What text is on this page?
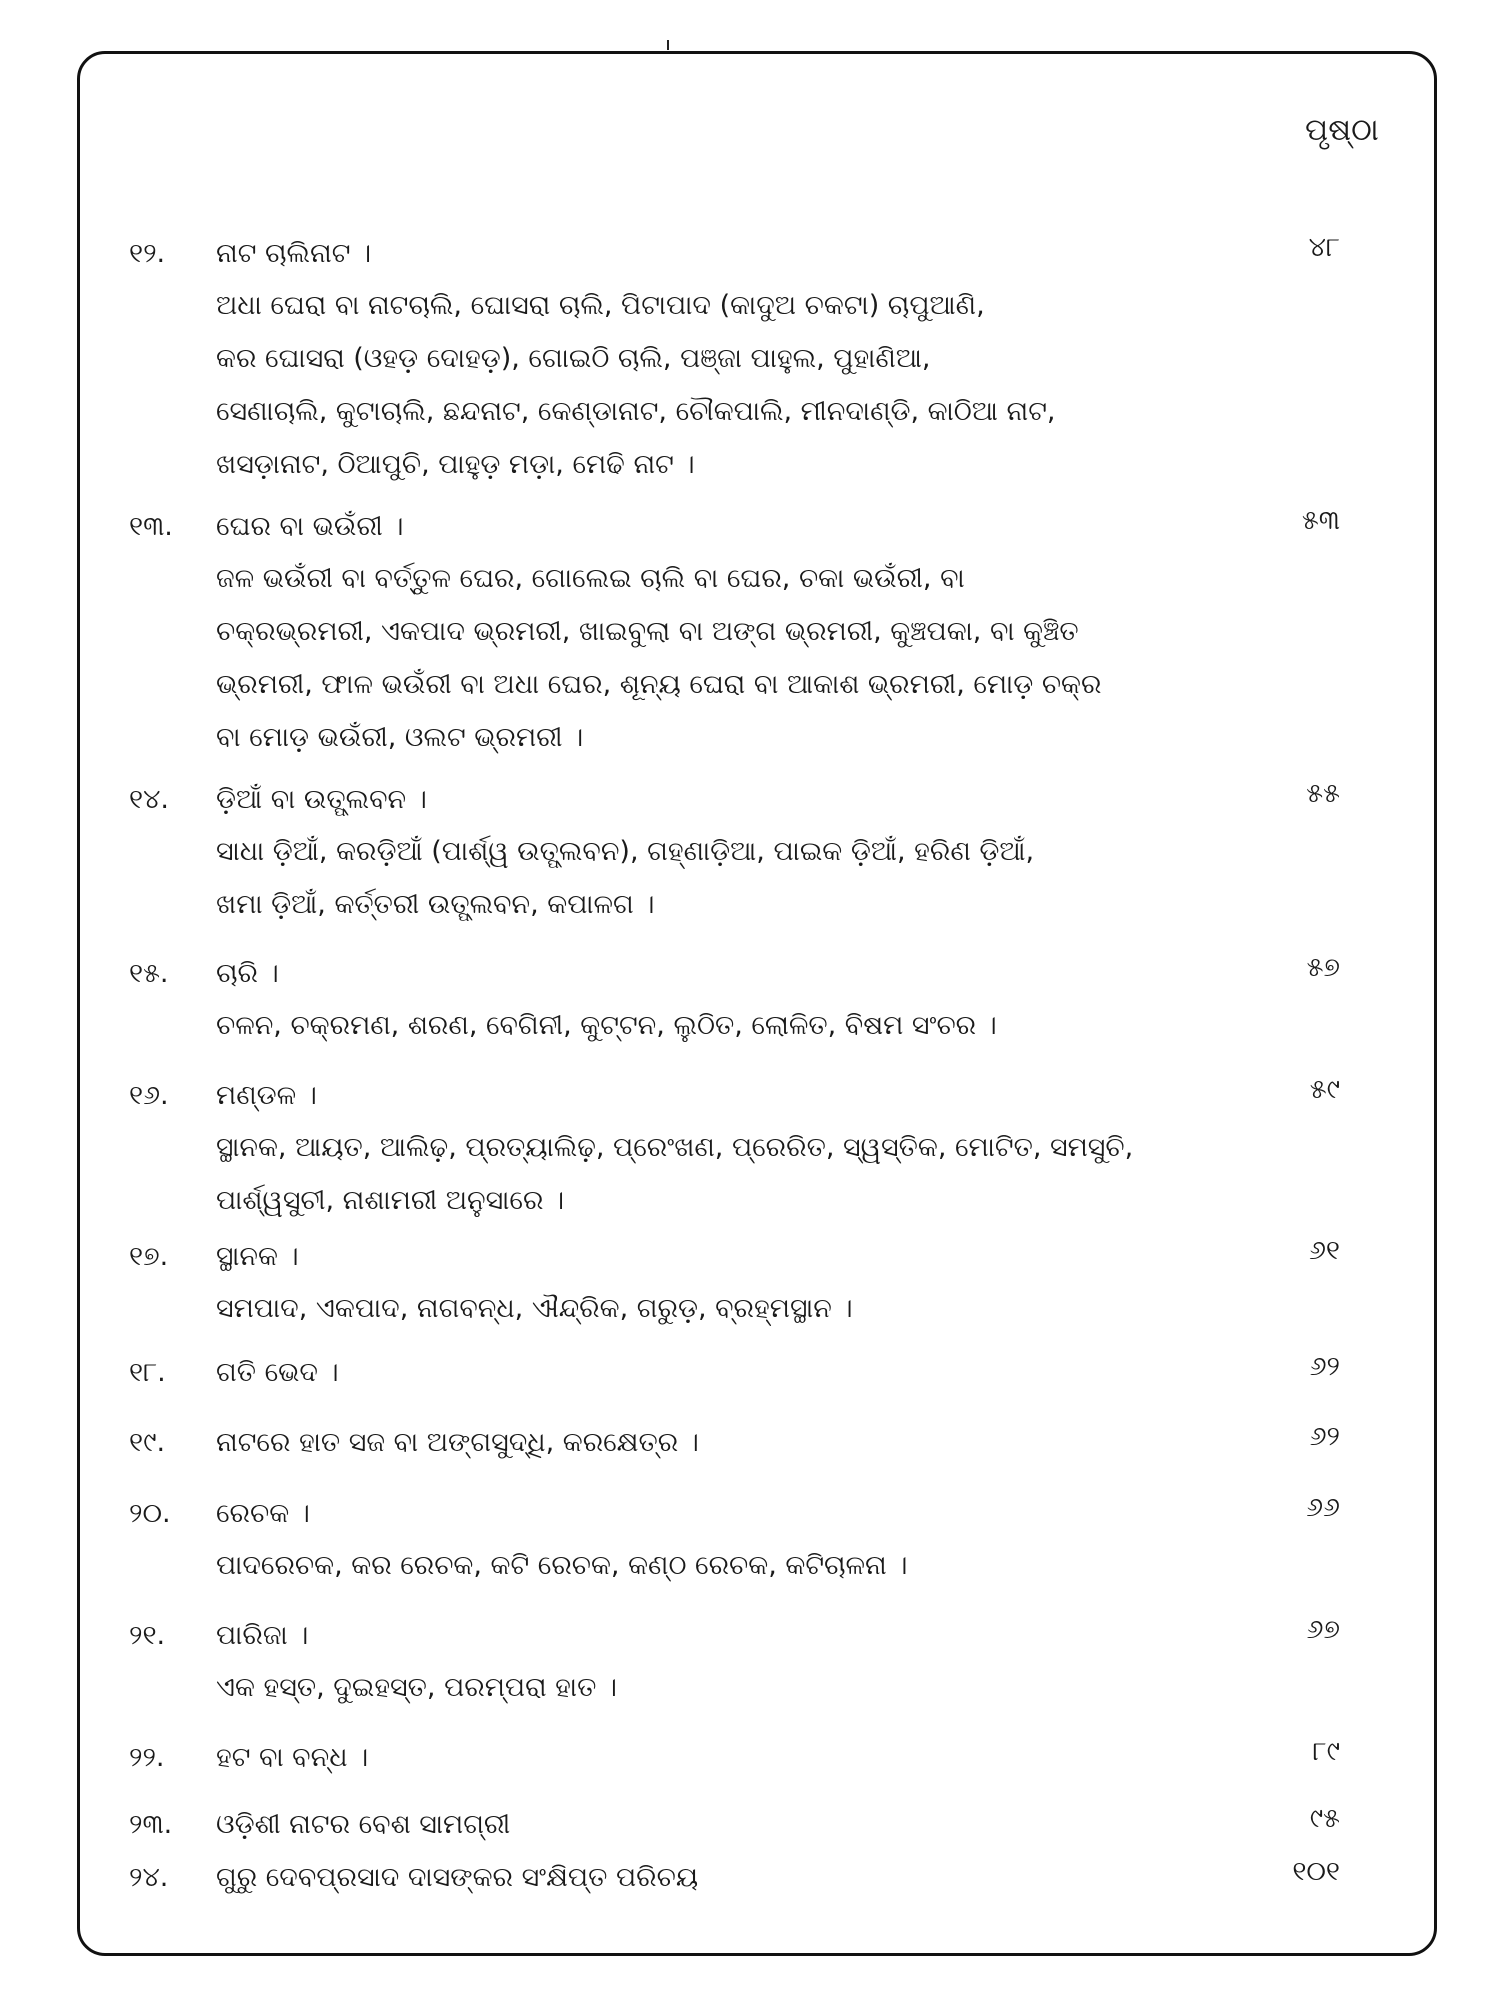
ପୃଷ୍ଠା
୧୨. ନାଟ ଚାଲିନାଟ ।	୪୮
ଅଧା ଘେରା ବା ନାଟଚାଲି, ଘୋସରା ଚାଲି, ପିଟାପାଦ (କାଦୁଅ ଚକଟା) ଚାପୁଆଣି,
କର ଘୋସରା (ଓହଡ଼ ଦୋହଡ଼), ଗୋଇଠି ଚାଲି, ପଞ୍ଜା ପାହୁଲ, ପୁହାଣିଆ,
ସେଣାଚାଲି, କୁଟାଚାଲି, ଛନ୍ଦନାଟ, କେଣ୍ଡାନାଟ, ଚୌକପାଲି, ମୀନଦାଣ୍ଡି, କାଠିଆ ନାଟ,
ଖସଡ଼ାନାଟ, ଠିଆପୁଚି, ପାହୁଡ଼ ମଡ଼ା, ମେଢି ନାଟ ।
୧୩. ଘେର ବା ଭଉଁରୀ ।	୫୩
ଜଳ ଭଉଁରୀ ବା ବର୍ତ୍ତୁଳ ଘେର, ଗୋଲେଇ ଚାଲି ବା ଘେର, ଚକା ଭଉଁରୀ, ବା
ଚକ୍ରଭ୍ରମରୀ, ଏକପାଦ ଭ୍ରମରୀ, ଖାଇବୁଲା ବା ଅଙ୍ଗ ଭ୍ରମରୀ, କୁଞ୍ଚପକା, ବା କୁଞ୍ଚିତ
ଭ୍ରମରୀ, ଫାଳ ଭଉଁରୀ ବା ଅଧା ଘେର, ଶୂନ୍ୟ ଘେରା ବା ଆକାଶ ଭ୍ରମରୀ, ମୋଡ଼ ଚକ୍ର
ବା ମୋଡ଼ ଭଉଁରୀ, ଓଲଟ ଭ୍ରମରୀ ।
୧୪. ଡ଼ିଆଁ ବା ଉତ୍ପ୍ଲବନ ।	୫୫
ସାଧା ଡ଼ିଆଁ, କରଡ଼ିଆଁ (ପାର୍ଶ୍ୱ ଉତ୍ପ୍ଲବନ), ଗହ୍ଣାଡ଼ିଆ, ପାଇକ ଡ଼ିଆଁ, ହରିଣ ଡ଼ିଆଁ,
ଖମା ଡ଼ିଆଁ, କର୍ତ୍ତରୀ ଉତ୍ପ୍ଲବନ, କପାଳଗ ।
୧୫. ଚାରି ।	୫୭
ଚଳନ, ଚକ୍ରମଣ, ଶରଣ, ବେଗିନୀ, କୁଟ୍ଟନ, ଲୁଠିତ, ଲୋଳିତ, ବିଷମ ସଂଚର ।
୧୬. ମଣ୍ଡଳ ।	୫୯
ସ୍ଥାନକ, ଆୟତ, ଆଲିଢ଼, ପ୍ରତ୍ୟାଲିଢ଼, ପ୍ରେଂଖଣ, ପ୍ରେରିତ, ସ୍ୱସ୍ତିକ, ମୋଟିତ, ସମସୁଚି,
ପାର୍ଶ୍ୱସୁଚୀ, ନାଶାମରୀ ଅନୁସାରେ ।
୧୭. ସ୍ଥାନକ ।	୬୧
ସମପାଦ, ଏକପାଦ, ନାଗବନ୍ଧ, ଐନ୍ଦ୍ରିକ, ଗରୁଡ଼, ବ୍ରହ୍ମସ୍ଥାନ ।
୧୮. ଗତି ଭେଦ ।	୬୨
୧୯. ନାଟରେ ହାତ ସଜ ବା ଅଙ୍ଗସୁଦ୍ଧି, କରକ୍ଷେତ୍ର ।	୬୨
୨୦. ରେଚକ ।	୬୬
ପାଦରେଚକ, କର ରେଚକ, କଟି ରେଚକ, କଣ୍ଠ ରେଚକ, କଟିଚାଳନା ।
୨୧. ପାରିଜା ।	୬୭
ଏକ ହସ୍ତ, ଦୁଇହସ୍ତ, ପରମ୍ପରା ହାତ ।
୨୨. ହଟ ବା ବନ୍ଧ ।	୮୯
୨୩. ଓଡ଼ିଶୀ ନାଟର ବେଶ ସାମଗ୍ରୀ	୯୫
୨୪. ଗୁରୁ ଦେବପ୍ରସାଦ ଦାସଙ୍କର ସଂକ୍ଷିପ୍ତ ପରିଚୟ	୧୦୧
